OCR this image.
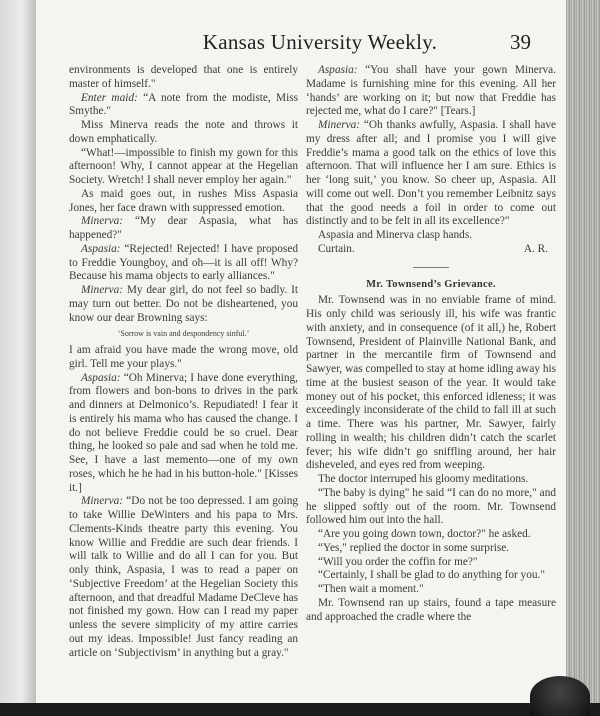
Kansas University Weekly.	39

environments is developed that one is entirely master of himself."

Enter maid: “A note from the modiste, Miss Smythe."

Miss Minerva reads the note and throws it down emphatically.

“What!—impossible to finish my gown for this afternoon! Why, I cannot appear at the Hegelian Society. Wretch! I shall never employ her again."

As maid goes out, in rushes Miss Aspasia Jones, her face drawn with suppressed emotion.

Minerva: “My dear Aspasia, what has happened?"

Aspasia: “Rejected! Rejected! I have proposed to Freddie Youngboy, and oh—it is all off! Why? Because his mama objects to early alliances."

Minerva: My dear girl, do not feel so badly. It may turn out better. Do not be disheartened, you know our dear Browning says:

‘Sorrow is vain and despondency sinful.’

I am afraid you have made the wrong move, old girl. Tell me your plays."

Aspasia: “Oh Minerva; I have done everything, from flowers and bon-bons to drives in the park and dinners at Delmonico’s. Repudiated! I fear it is entirely his mama who has caused the change. I do not believe Freddie could be so cruel. Dear thing, he looked so pale and sad when he told me. See, I have a last memento—one of my own roses, which he he had in his button-hole." [Kisses it.]

Minerva: “Do not be too depressed. I am going to take Willie DeWinters and his papa to Mrs. Clements-Kinds theatre party this evening. You know Willie and Freddie are such dear friends. I will talk to Willie and do all I can for you. But only think, Aspasia, I was to read a paper on ‘Subjective Freedom’ at the Hegelian Society this afternoon, and that dreadful Madame DeCleve has not finished my gown. How can I read my paper unless the severe simplicity of my attire carries out my ideas. Impossible! Just fancy reading an article on ‘Subjectivism’ in anything but a gray."

Aspasia: “You shall have your gown Minerva. Madame is furnishing mine for this evening. All her ‘hands’ are working on it; but now that Freddie has rejected me, what do I care?" [Tears.]

Minerva: “Oh thanks awfully, Aspasia. I shall have my dress after all; and I promise you I will give Freddie’s mama a good talk on the ethics of love this afternoon. That will influence her I am sure. Ethics is her ‘long suit,’ you know. So cheer up, Aspasia. All will come out well. Don’t you remember Leibnitz says that the good needs a foil in order to come out distinctly and to be felt in all its excellence?"

Aspasia and Minerva clasp hands.

Curtain.	A. R.

Mr. Townsend’s Grievance.

Mr. Townsend was in no enviable frame of mind. His only child was seriously ill, his wife was frantic with anxiety, and in consequence (of it all,) he, Robert Townsend, President of Plainville National Bank, and partner in the mercantile firm of Townsend and Sawyer, was compelled to stay at home idling away his time at the busiest season of the year. It would take money out of his pocket, this enforced idleness; it was exceedingly inconsiderate of the child to fall ill at such a time. There was his partner, Mr. Sawyer, fairly rolling in wealth; his children didn’t catch the scarlet fever; his wife didn’t go sniffling around, her hair disheveled, and eyes red from weeping.

The doctor interruped his gloomy meditations.

“The baby is dying" he said “I can do no more," and he slipped softly out of the room. Mr. Townsend followed him out into the hall.

“Are you going down town, doctor?" he asked.

“Yes," replied the doctor in some surprise.

“Will you order the coffin for me?"

“Certainly, I shall be glad to do anything for you."

“Then wait a moment."

Mr. Townsend ran up stairs, found a tape measure and approached the cradle where the
